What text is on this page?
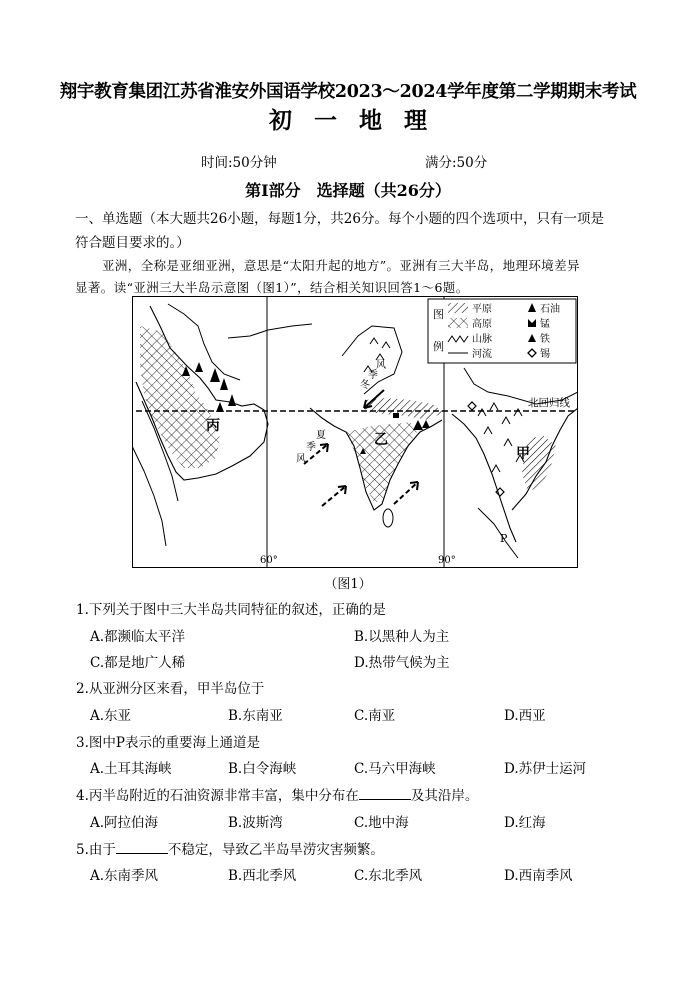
翔宇教育集团江苏省淮安外国语学校2023～2024学年度第二学期期末考试
初一地理
时间:50分钟	满分:50分
第Ⅰ部分　选择题（共26分）
一、单选题（本大题共26小题，每题1分，共26分。每个小题的四个选项中，只有一项是
符合题目要求的。）
亚洲，全称是亚细亚洲，意思是“太阳升起的地方”。亚洲有三大半岛，地理环境差异
显著。读“亚洲三大半岛示意图（图1）”，结合相关知识回答1～6题。
丙
60°	90°
北回归线
乙
冬
季
风
夏
季
风	甲
P
图
例
平原
高原
山脉
河流
石油
锰
铁
锡
（图1）
1.下列关于图中三大半岛共同特征的叙述，正确的是
A.都濒临太平洋	B.以黑种人为主
C.都是地广人稀	D.热带气候为主
2.从亚洲分区来看，甲半岛位于
A.东亚	B.东南亚	C.南亚	D.西亚
3.图中P表示的重要海上通道是
A.土耳其海峡	B.白令海峡	C.马六甲海峡	D.苏伊士运河
4.丙半岛附近的石油资源非常丰富，集中分布在	及其沿岸。
A.阿拉伯海	B.波斯湾	C.地中海	D.红海
5.由于	不稳定，导致乙半岛旱涝灾害频繁。
A.东南季风	B.西北季风	C.东北季风	D.西南季风
